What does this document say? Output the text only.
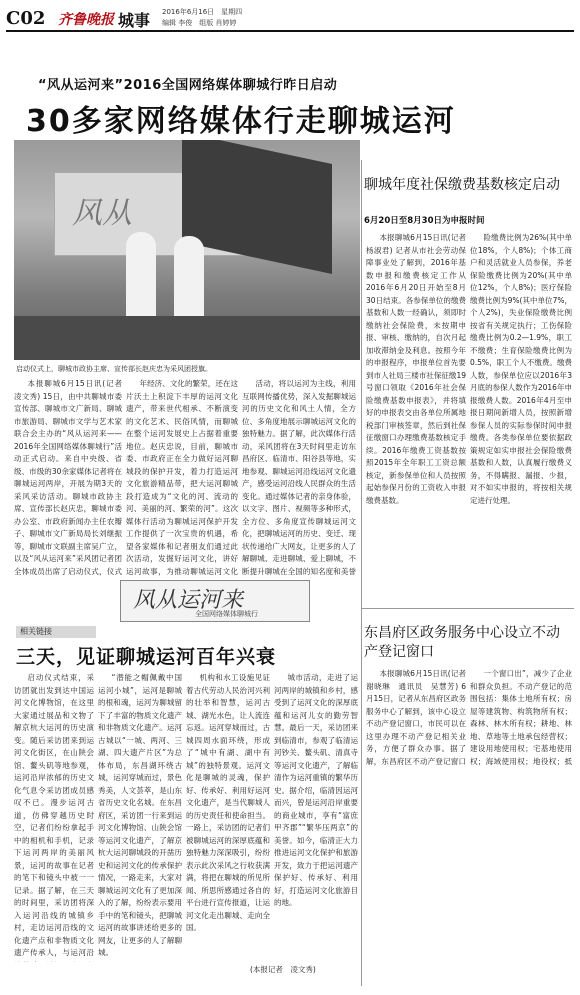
C02 齐鲁晚报 城事 2016年6月16日　星期四
编辑 李俊　组版 肖婷婷
“风从运河来”2016全国网络媒体聊城行昨日启动
30多家网络媒体行走聊城运河
风从
启动仪式上，聊城市政协主席、宣传部长赵庆忠为采风团授旗。

本报聊城6月15日讯(记者　凌文秀) 15日，由中共聊城市委宣传部、聊城市文广新局、聊城市旅游局、聊城市文学与艺术家联合会主办的“风从运河来——2016年全国网络媒体聊城行”活动正式启动。来自中央级、省级、市级的30余家媒体记者将在聊城运河两岸，开展为期3天的采风采访活动。聊城市政协主席、宣传部长赵庆忠，聊城市委办公室、市政府新闻办主任农瓣子、聊城市文广新局局长刘继振等，聊城市文联副主席吴广立，以及“风从运河来”采风团记者团全体成员出席了启动仪式，仪式

年经济、文化的繁荣，还在这片沃土上积淀下丰厚的运河文化遗产，带来世代相承、不断演变的文化艺术、民俗风情，而聊城在整个运河发展史上占据着重要地位。赵庆忠说，目前，聊城市委、市政府正在全力做好运河聊城段的保护开发，着力打造运河文化旅游精品带，把大运河聊城段打造成为“文化的河、流动的河、美丽的河、繁荣的河”。这次媒体行活动为聊城运河保护开发工作提供了一次宝贵的机遇，希望各家媒体和记者朋友们通过此次活动，发掘好运河文化，讲好运河故事，为推动聊城运河文化

活动，将以运河为主线，利用互联网传播优势，深入发掘聊城运河的历史文化和风土人情，全方位、多角度地展示聊城运河文化的独特魅力。据了解，此次媒体行活动，采风团将在3天时间里走访东昌府区、临清市、阳谷县等地，实地参观、聊城运河沿线运河文化遗产，感受运河沿线人民群众的生活变化。通过媒体记者的亲身体验，以文字、图片、视频等多种形式，全方位、多角度宣传聊城运河文化，把聊城运河的历史、变迁、现状传递给广大网友，让更多的人了解聊城、走进聊城、爱上聊城，不断提升聊城在全国的知名度和美誉

风从运河来
全国网络媒体聊城行
相关链接
三天，见证聊城运河百年兴衰

启动仪式结束，采访团就出发到达中国运河文化博物馆，在这里大家通过展品和文物了解京杭大运河的历史演变。随后采访团来到运河文化街区，在山陕会馆、鳌头矶等地参观，运河沿岸浓郁的历史文化气息令采访团成员感叹不已。漫步运河古道，仿佛穿越历史时空，记者们纷纷拿起手中的相机和手机，记录下运河两岸的美丽风景，运河的故事在记者的笔下和镜头中被一一记录。据了解，在三天的时间里，采访团将深入运河沿线的城镇乡村，走访运河沿线的文化遗产点和非物质文化遗产传承人，与运河沿

“潜能之帽佩戴中国运河小城”，运河是聊城的根和魂，运河为聊城留下了丰富的物质文化遗产和非物质文化遗产。运河古城以“一城、两河、三湖、四大遗产片区”为总体布局，东昌湖环绕古城，运河穿城而过，景色秀美，人文荟萃，是山东省历史文化名城。在东昌府区，采访团一行来到运河文化博物馆、山陕会馆等运河文化遗产，了解京杭大运河聊城段的开凿历史和运河文化的传承保护情况，一路走来，大家对聊城运河文化有了更加深入的了解，纷纷表示要用手中的笔和镜头，把聊城运河的故事讲述给更多的网友，让更多的人了解聊城。

机构和水工设施见证着古代劳动人民治河兴利的壮举和智慧，运河古城、湖光水色，让人流连忘返。运河穿城而过，古城四周水面环绕，形成了“城中有湖、湖中有城”的独特景观。运河文化是聊城的灵魂，保护好、传承好、利用好运河文化遗产，是当代聊城人的历史责任和使命担当。一路上，采访团的记者们被聊城运河的深厚底蕴和独特魅力深深吸引，纷纷表示此次采风之行收获满满，将把在聊城的所见所闻、所思所感通过各自的平台进行宣传报道，让运河文化走出聊城、走向全国。

城市活动，走进了运河两岸的城镇和乡村，感受到了运河文化的深厚底蕴和运河儿女的勤劳智慧。最后一天，采访团来到临清市，参观了临清运河钞关、鳌头矶、清真寺等运河文化遗产，了解临清作为运河重镇的繁华历史。据介绍，临清因运河而兴，曾是运河沿岸重要的商业城市，享有“富庶甲齐郡”“繁华压两京”的美誉。如今，临清正大力推进运河文化保护和旅游开发，致力于把运河遗产保护好、传承好、利用好，打造运河文化旅游目的地。

(本报记者　凌文秀)
聊城年度社保缴费基数核定启动
6月20日至8月30日为申报时间

本报聊城6月15日讯(记者　杨淑君) 记者从市社会劳动保障事业处了解到，2016年基数申报和缴费核定工作从2016年6月20日开始至8月30日结束。各参保单位的缴费基数和人数一经确认，须即时缴纳社会保险费，未按期申报、审核、缴纳的，自次月起加收滞纳金及利息。按照今年的申报程序，申报单位首先要到市人社局三楼市社保征缴19号窗口领取《2016年社会保险缴费基数申报表》，并将填好的申报表交由各单位所属地税部门审核签章，然后到社保征缴窗口办理缴费基数核定手续。2016年缴费工资基数按照2015年全年职工工资总额核定，新参保单位和人员按照起始参保月份的工资收入申报缴费基数。

险缴费比例为26%(其中单位18%，个人8%)；个体工商户和灵活就业人员参保，养老保险缴费比例为20%(其中单位12%，个人8%)；医疗保险缴费比例为9%(其中单位7%，个人2%)，失业保险缴费比例按省有关规定执行；工伤保险缴费比例为0.2—1.9%，职工不缴费；生育保险缴费比例为0.5%，职工个人不缴费。缴费人数，参保单位应以2016年3月底的参保人数作为2016年申报缴费人数。2016年4月至申报日期间新增人员，按照新增参保人员的实际参保时间申报缴费。各类参保单位要依据政策规定如实申报社会保险缴费基数和人数，认真履行缴费义务，不得瞒报、漏报、少报，对不如实申报的，将按相关规定进行处理。

东昌府区政务服务中心设立不动产登记窗口

本报聊城6月15日讯(记者　谢晓琳　通讯员　吴慧芳) 6月15日，记者从东昌府区政务服务中心了解到，该中心设立不动产登记窗口，市民可以在这里办理不动产登记相关业务，方便了群众办事。据了解，东昌府区不动产登记窗口

一个窗口出”，减少了企业和群众负担。不动产登记的范围包括：集体土地所有权；房屋等建筑物、构筑物所有权；森林、林木所有权；耕地、林地、草地等土地承包经营权；建设用地使用权；宅基地使用权；海域使用权；地役权；抵
